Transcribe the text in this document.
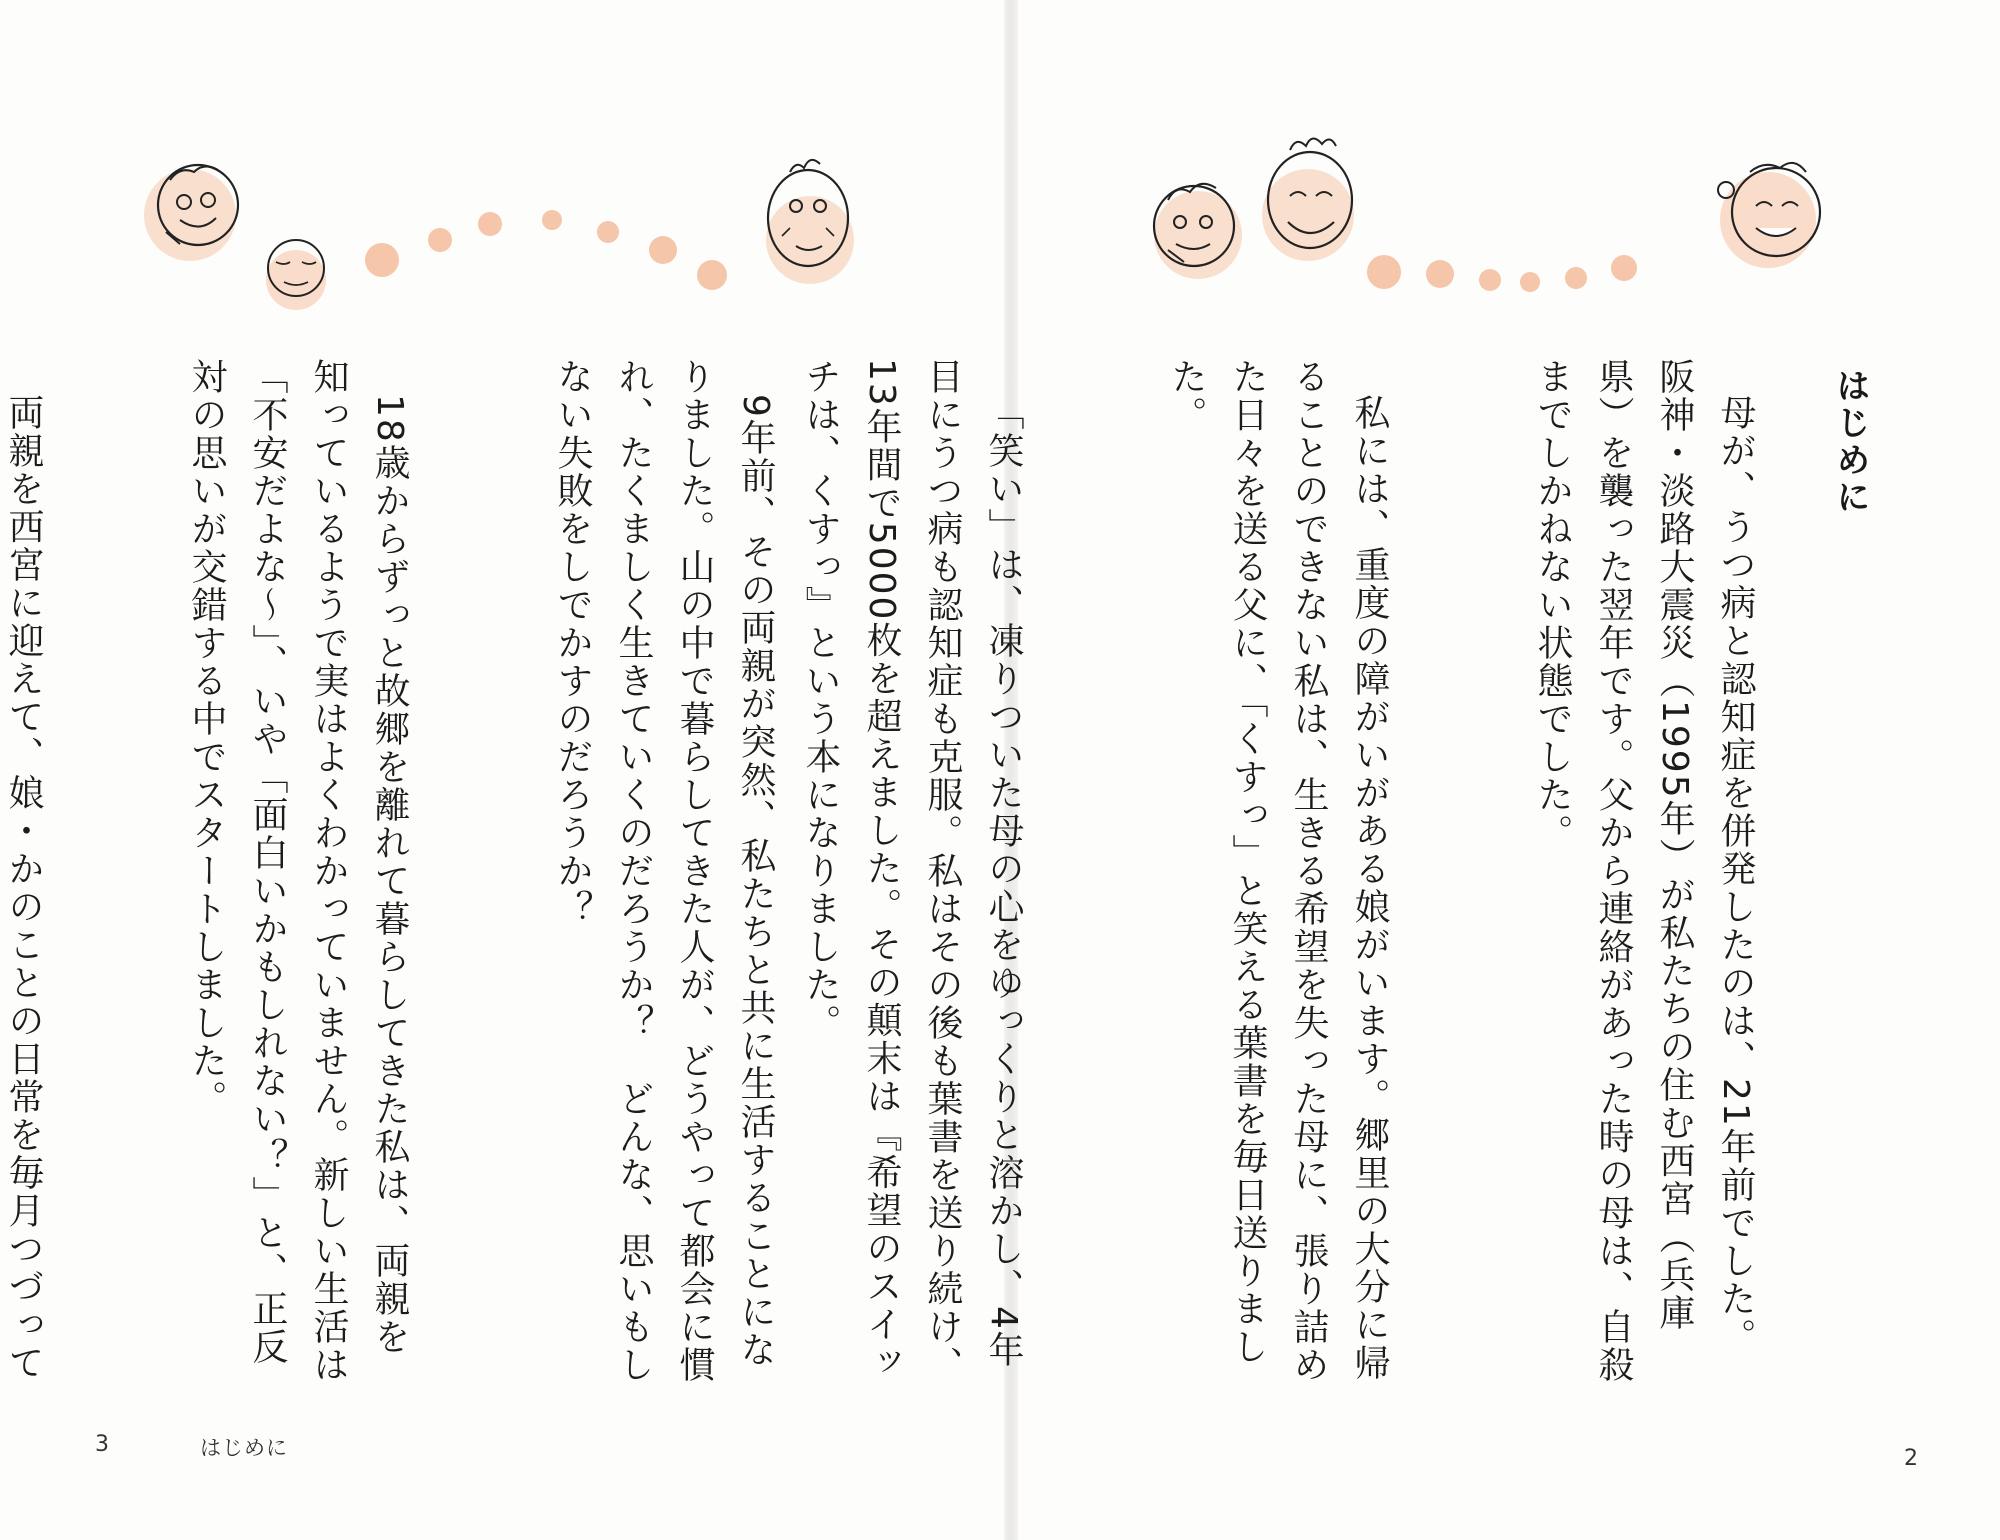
9年前、その両親が突然、私たちと共に生活することになりました。山の中で暮らしてきた人が、どうやって都会に慣れ、たくましく生きていくのだろうか？　どんな、思いもしない失敗をしでかすのだろうか？

18歳からずっと故郷を離れて暮らしてきた私は、両親を知っているようで実はよくわかっていません。新しい生活は「不安だよな〜」、いや「面白いかもしれない？」と、正反対の思いが交錯する中でスタートしました。

両親を西宮に迎えて、娘・かのことの日常を毎月つづって

3	はじめに
はじめに

母が、うつ病と認知症を併発したのは、21年前でした。阪神・淡路大震災（1995年）が私たちの住む西宮（兵庫県）を襲った翌年です。父から連絡があった時の母は、自殺までしかねない状態でした。

私には、重度の障がいがある娘がいます。郷里の大分に帰ることのできない私は、生きる希望を失った母に、張り詰めた日々を送る父に、「くすっ」と笑える葉書を毎日送りました。

「笑い」は、凍りついた母の心をゆっくりと溶かし、4年目にうつ病も認知症も克服。私はその後も葉書を送り続け、13年間で5000枚を超えました。その顛末は『希望のスイッチは、くすっ』という本になりました。

2
